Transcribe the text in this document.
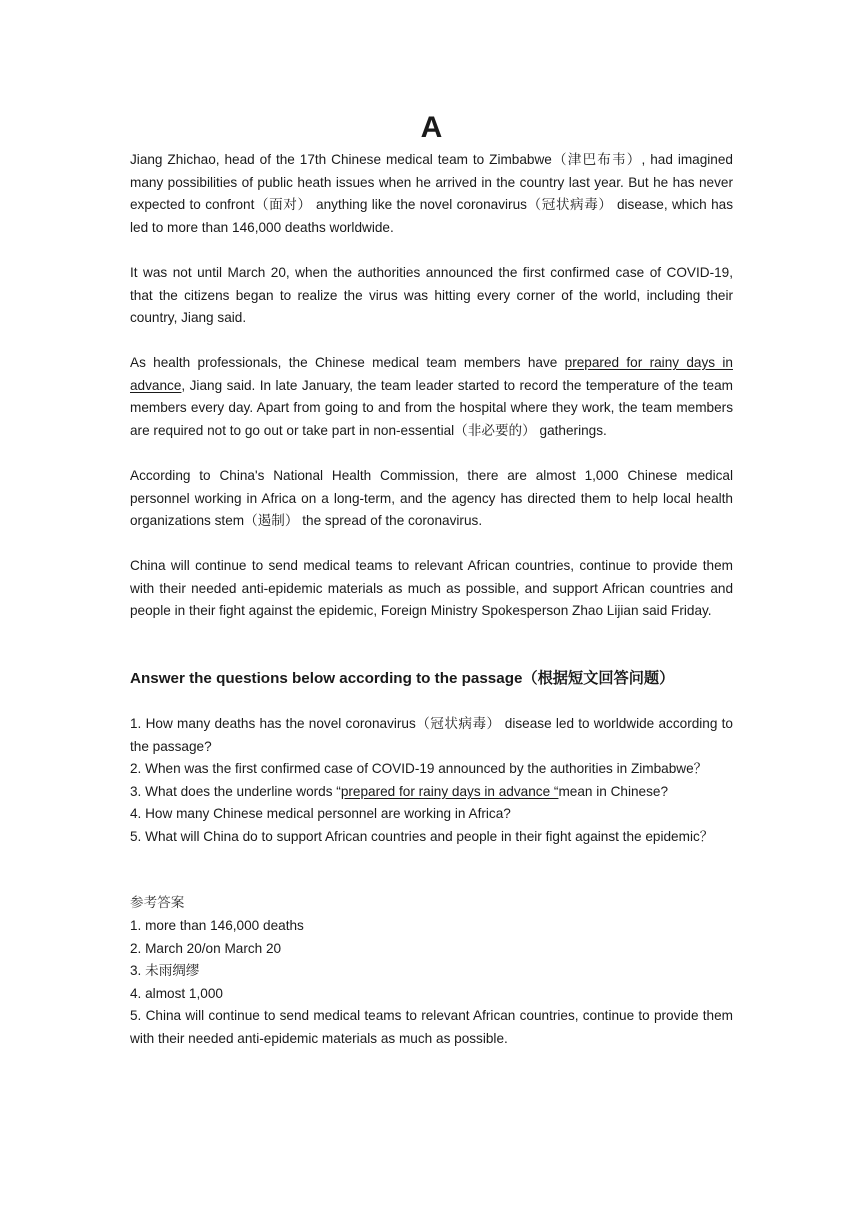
A

Jiang Zhichao, head of the 17th Chinese medical team to Zimbabwe（津巴布韦）, had imagined many possibilities of public heath issues when he arrived in the country last year. But he has never expected to confront（面对） anything like the novel coronavirus（冠状病毒） disease, which has led to more than 146,000 deaths worldwide.

It was not until March 20, when the authorities announced the first confirmed case of COVID-19, that the citizens began to realize the virus was hitting every corner of the world, including their country, Jiang said.

As health professionals, the Chinese medical team members have prepared for rainy days in advance, Jiang said. In late January, the team leader started to record the temperature of the team members every day. Apart from going to and from the hospital where they work, the team members are required not to go out or take part in non-essential（非必要的） gatherings.

According to China's National Health Commission, there are almost 1,000 Chinese medical personnel working in Africa on a long-term, and the agency has directed them to help local health organizations stem（遏制） the spread of the coronavirus.

China will continue to send medical teams to relevant African countries, continue to provide them with their needed anti-epidemic materials as much as possible, and support African countries and people in their fight against the epidemic, Foreign Ministry Spokesperson Zhao Lijian said Friday.

Answer the questions below according to the passage（根据短文回答问题）
1. How many deaths has the novel coronavirus（冠状病毒） disease led to worldwide according to the passage?
2. When was the first confirmed case of COVID-19 announced by the authorities in Zimbabwe？
3. What does the underline words “prepared for rainy days in advance “mean in Chinese?
4. How many Chinese medical personnel are working in Africa?
5. What will China do to support African countries and people in their fight against the epidemic？

参考答案

1. more than 146,000 deaths
2. March 20/on March 20
3. 未雨绸缪
4. almost 1,000
5. China will continue to send medical teams to relevant African countries, continue to provide them with their needed anti-epidemic materials as much as possible.
